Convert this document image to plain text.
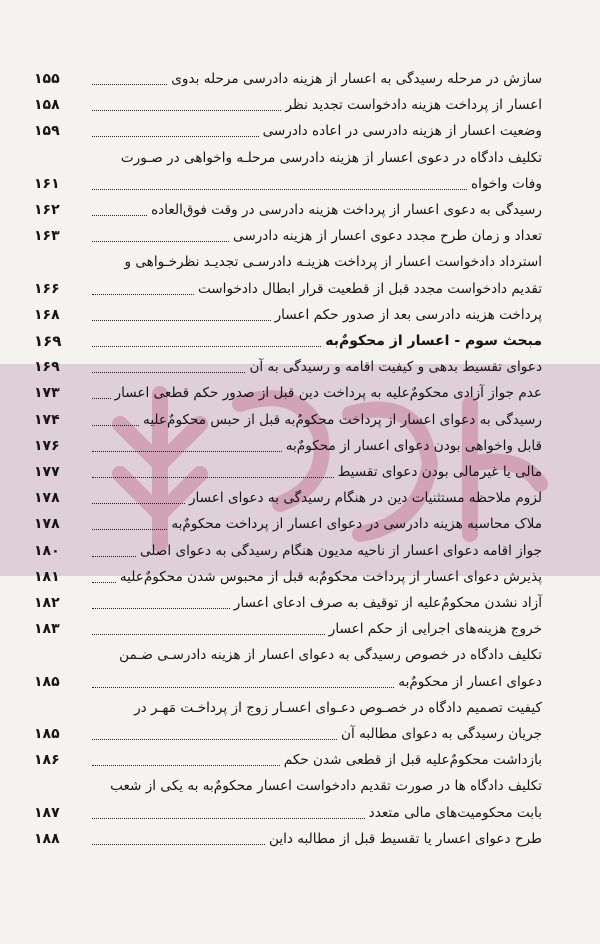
سازش در مرحله رسیدگی به اعسار از هزینه دادرسی مرحله بدوی
۱۵۵
اعسار از پرداخت هزینه دادخواست تجدید نظر
۱۵۸
وضعیت اعسار از هزینه دادرسی در اعاده دادرسی
۱۵۹
تکلیف دادگاه در دعوی اعسار از هزینه دادرسی مرحلـه واخواهی در صـورت
وفات واخواه
۱۶۱
رسیدگی به دعوی اعسار از پرداخت هزینه دادرسی در وقت فوق‌العاده
۱۶۲
تعداد و زمان طرح مجدد دعوی اعسار از هزینه دادرسی
۱۶۳
استرداد دادخواست اعسار از پرداخت هزینـه دادرسـی تجدیـد نظرخـواهی و
تقدیم دادخواست مجدد قبل از قطعیت قرار ابطال دادخواست
۱۶۶
پرداخت هزینه دادرسی بعد از صدور حکم اعسار
۱۶۸
مبحث سوم - اعسار از محکومٌ‌به
۱۶۹
دعوای تقسیط بدهی و کیفیت اقامه و رسیدگی به آن
۱۶۹
عدم جواز آزادی محکومٌ‌علیه به پرداخت دین قبل از صدور حکم قطعی اعسار
۱۷۳
رسیدگی به دعوای اعسار از پرداخت محکومٌ‌به قبل از حبس محکومٌ‌علیه
۱۷۴
قابل واخواهی بودن دعوای اعسار از محکومٌ‌به
۱۷۶
مالی یا غیرمالی بودن دعوای تقسیط
۱۷۷
لزوم ملاحظه مستثنیات دین در هنگام رسیدگی به دعوای اعسار
۱۷۸
ملاک محاسبه هزینه دادرسی در دعوای اعسار از پرداخت محکومٌ‌به
۱۷۸
جواز اقامه دعوای اعسار از ناحیه مدیون هنگام رسیدگی به دعوای اصلی
۱۸۰
پذیرش دعوای اعسار از پرداخت محکومٌ‌به قبل از محبوس شدن محکومٌ‌علیه
۱۸۱
آزاد نشدن محکومٌ‌علیه از توقیف به صرف ادعای اعسار
۱۸۲
خروج هزینه‌های اجرایی از حکم اعسار
۱۸۳
تکلیف دادگاه در خصوص رسیدگی به دعوای اعسار از هزینه دادرسـی ضـمن
دعوای اعسار از محکومٌ‌به
۱۸۵
کیفیت تصمیم دادگاه در خصـوص دعـوای اعسـار زوج از پرداخـت مَهـر در
جریان رسیدگی به دعوای مطالبه آن
۱۸۵
بازداشت محکومٌ‌علیه قبل از قطعی شدن حکم
۱۸۶
تکلیف دادگاه ها در صورت تقدیم دادخواست اعسار محکومٌ‌به به یکی از شعب
بابت محکومیت‌های مالی متعدد
۱۸۷
طرح دعوای اعسار یا تقسیط قبل از مطالبه داین
۱۸۸
